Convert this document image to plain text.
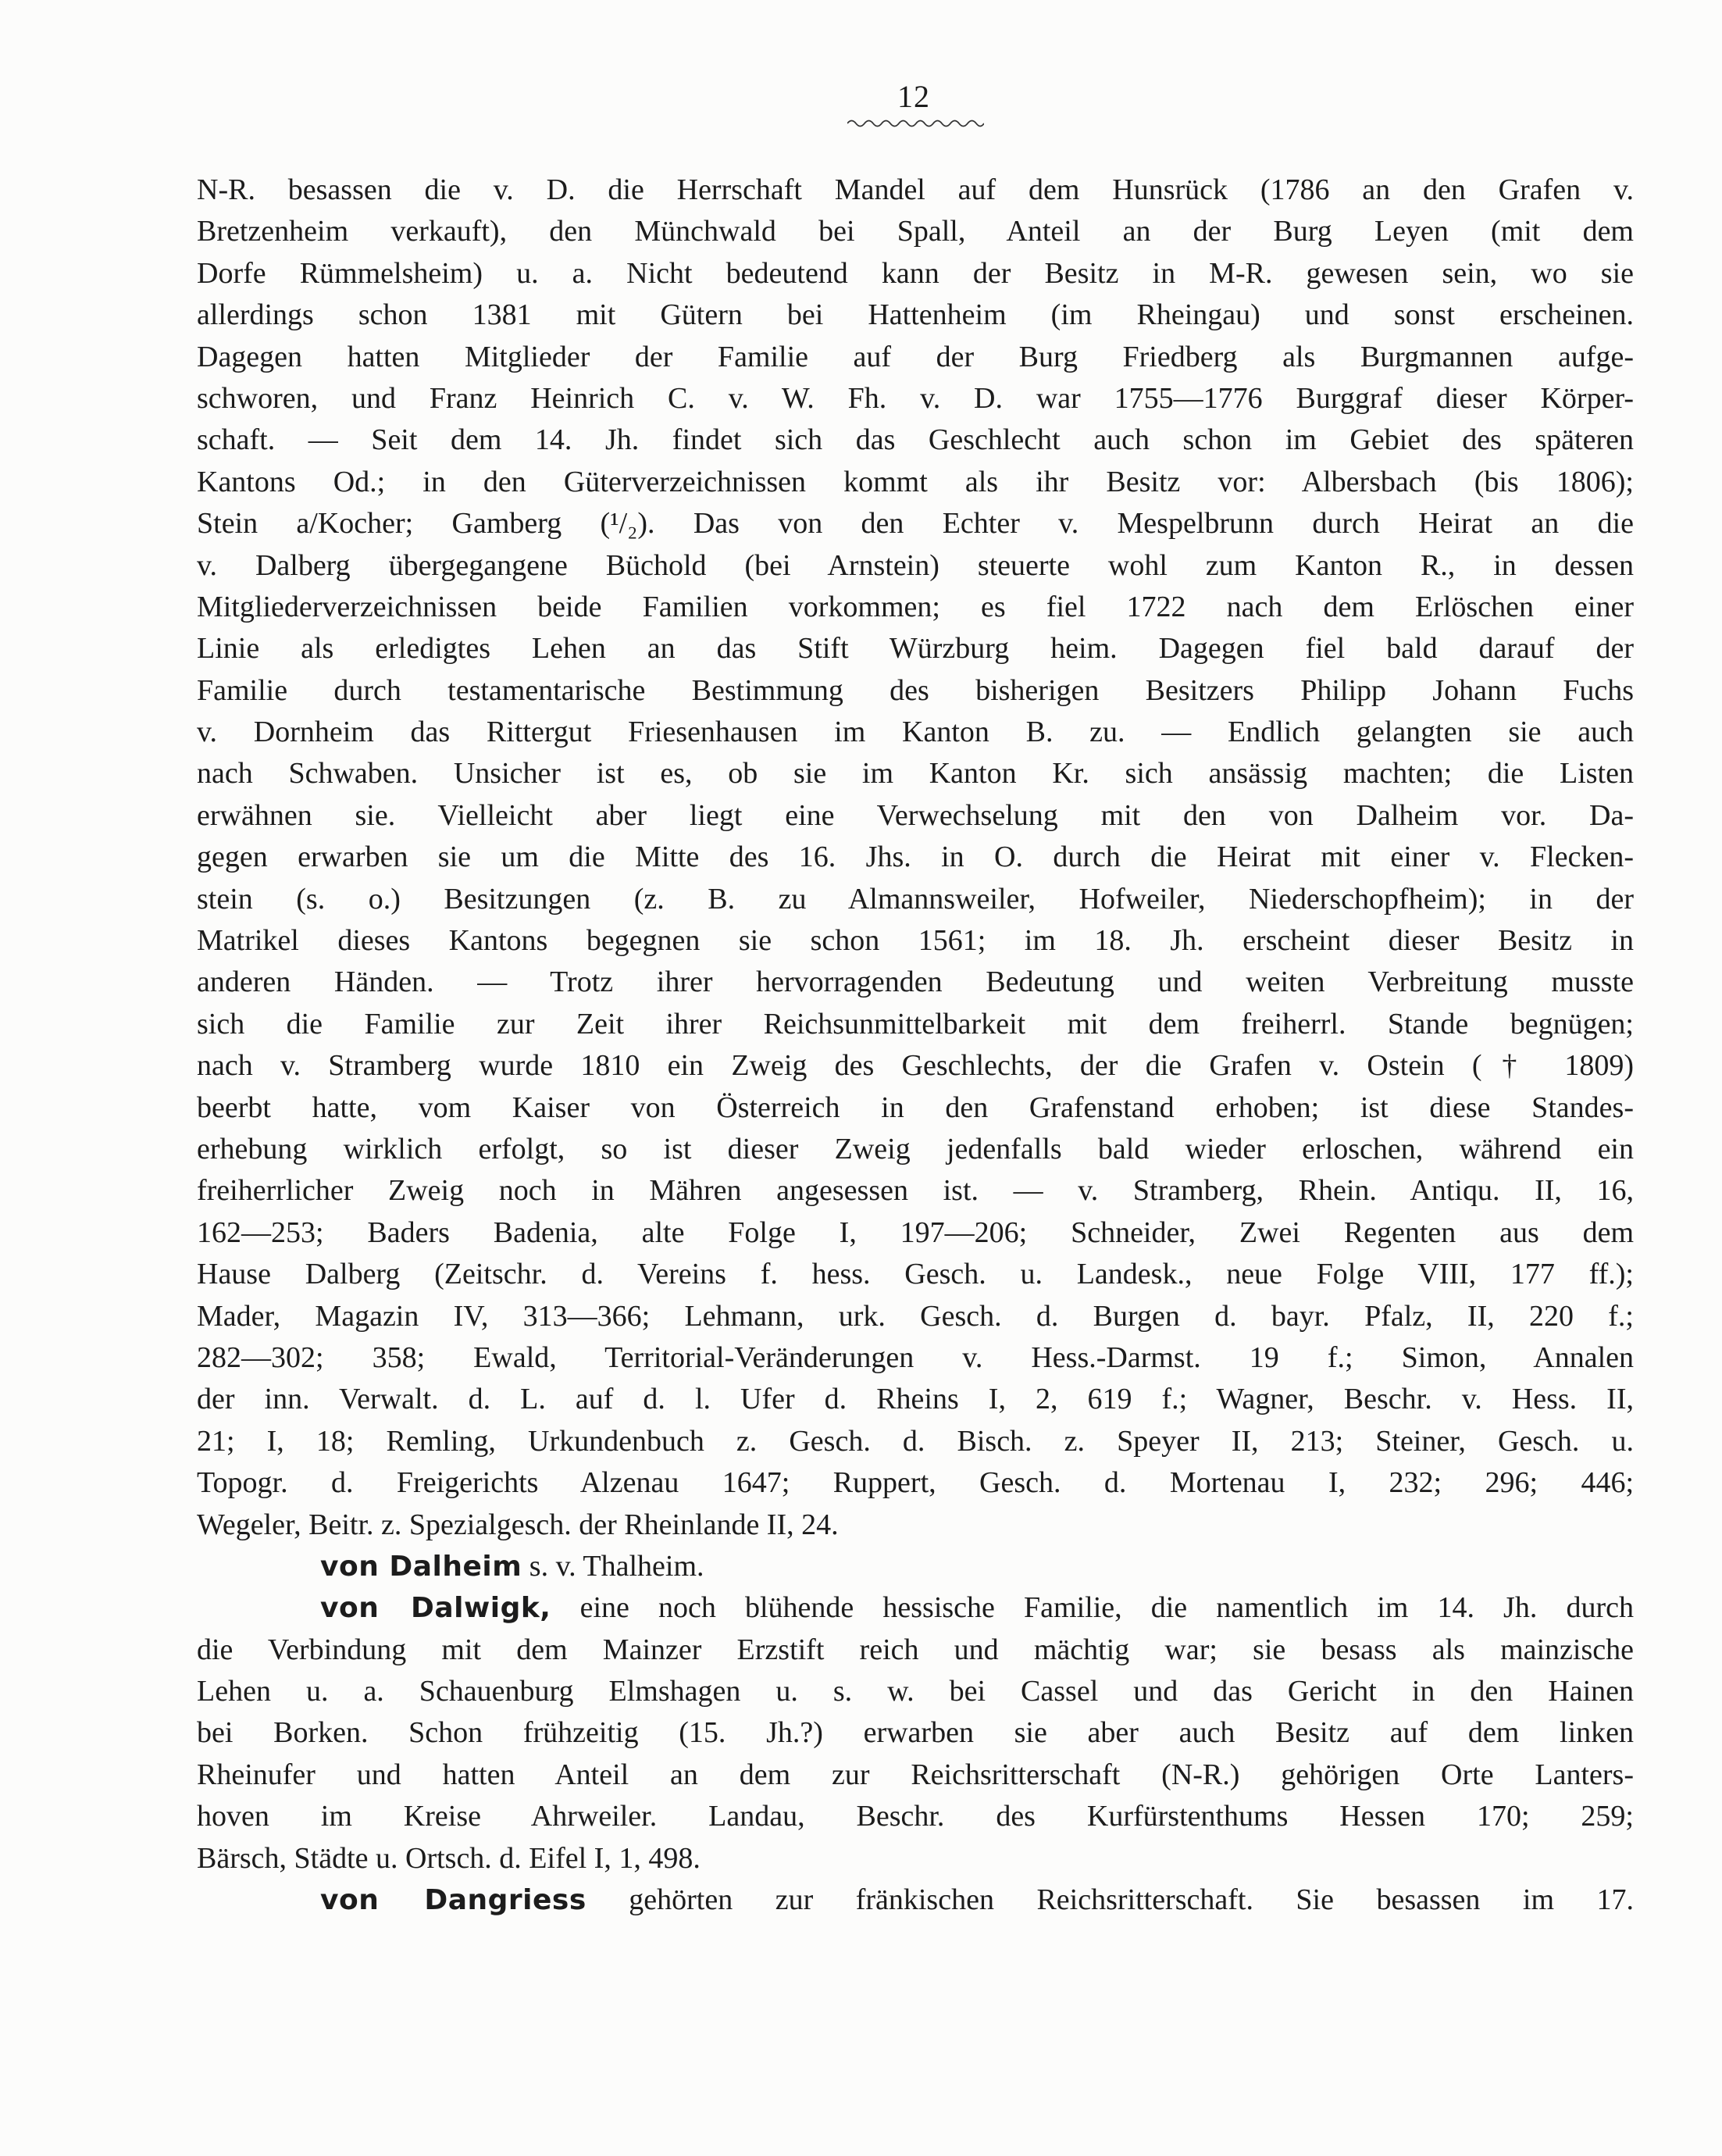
12
N-R. besassen die v. D. die Herrschaft Mandel auf dem Hunsrück (1786 an den Grafen v.
Bretzenheim verkauft), den Münchwald bei Spall, Anteil an der Burg Leyen (mit dem
Dorfe Rümmelsheim) u. a. Nicht bedeutend kann der Besitz in M-R. gewesen sein, wo sie
allerdings schon 1381 mit Gütern bei Hattenheim (im Rheingau) und sonst erscheinen.
Dagegen hatten Mitglieder der Familie auf der Burg Friedberg als Burgmannen aufge-
schworen, und Franz Heinrich C. v. W. Fh. v. D. war 1755—1776 Burggraf dieser Körper-
schaft. — Seit dem 14. Jh. findet sich das Geschlecht auch schon im Gebiet des späteren
Kantons Od.; in den Güterverzeichnissen kommt als ihr Besitz vor: Albersbach (bis 1806);
Stein a/Kocher; Gamberg (¹/₂). Das von den Echter v. Mespelbrunn durch Heirat an die
v. Dalberg übergegangene Büchold (bei Arnstein) steuerte wohl zum Kanton R., in dessen
Mitgliederverzeichnissen beide Familien vorkommen; es fiel 1722 nach dem Erlöschen einer
Linie als erledigtes Lehen an das Stift Würzburg heim. Dagegen fiel bald darauf der
Familie durch testamentarische Bestimmung des bisherigen Besitzers Philipp Johann Fuchs
v. Dornheim das Rittergut Friesenhausen im Kanton B. zu. — Endlich gelangten sie auch
nach Schwaben. Unsicher ist es, ob sie im Kanton Kr. sich ansässig machten; die Listen
erwähnen sie. Vielleicht aber liegt eine Verwechselung mit den von Dalheim vor. Da-
gegen erwarben sie um die Mitte des 16. Jhs. in O. durch die Heirat mit einer v. Flecken-
stein (s. o.) Besitzungen (z. B. zu Almannsweiler, Hofweiler, Niederschopfheim); in der
Matrikel dieses Kantons begegnen sie schon 1561; im 18. Jh. erscheint dieser Besitz in
anderen Händen. — Trotz ihrer hervorragenden Bedeutung und weiten Verbreitung musste
sich die Familie zur Zeit ihrer Reichsunmittelbarkeit mit dem freiherrl. Stande begnügen;
nach v. Stramberg wurde 1810 ein Zweig des Geschlechts, der die Grafen v. Ostein († 1809)
beerbt hatte, vom Kaiser von Österreich in den Grafenstand erhoben; ist diese Standes-
erhebung wirklich erfolgt, so ist dieser Zweig jedenfalls bald wieder erloschen, während ein
freiherrlicher Zweig noch in Mähren angesessen ist. — v. Stramberg, Rhein. Antiqu. II, 16,
162—253; Baders Badenia, alte Folge I, 197—206; Schneider, Zwei Regenten aus dem
Hause Dalberg (Zeitschr. d. Vereins f. hess. Gesch. u. Landesk., neue Folge VIII, 177 ff.);
Mader, Magazin IV, 313—366; Lehmann, urk. Gesch. d. Burgen d. bayr. Pfalz, II, 220 f.;
282—302; 358; Ewald, Territorial-Veränderungen v. Hess.-Darmst. 19 f.; Simon, Annalen
der inn. Verwalt. d. L. auf d. l. Ufer d. Rheins I, 2, 619 f.; Wagner, Beschr. v. Hess. II,
21; I, 18; Remling, Urkundenbuch z. Gesch. d. Bisch. z. Speyer II, 213; Steiner, Gesch. u.
Topogr. d. Freigerichts Alzenau 1647; Ruppert, Gesch. d. Mortenau I, 232; 296; 446;
Wegeler, Beitr. z. Spezialgesch. der Rheinlande II, 24.
von Dalheim s. v. Thalheim.
von Dalwigk, eine noch blühende hessische Familie, die namentlich im 14. Jh. durch
die Verbindung mit dem Mainzer Erzstift reich und mächtig war; sie besass als mainzische
Lehen u. a. Schauenburg Elmshagen u. s. w. bei Cassel und das Gericht in den Hainen
bei Borken. Schon frühzeitig (15. Jh.?) erwarben sie aber auch Besitz auf dem linken
Rheinufer und hatten Anteil an dem zur Reichsritterschaft (N-R.) gehörigen Orte Lanters-
hoven im Kreise Ahrweiler. Landau, Beschr. des Kurfürstenthums Hessen 170; 259;
Bärsch, Städte u. Ortsch. d. Eifel I, 1, 498.
von Dangriess gehörten zur fränkischen Reichsritterschaft. Sie besassen im 17.
